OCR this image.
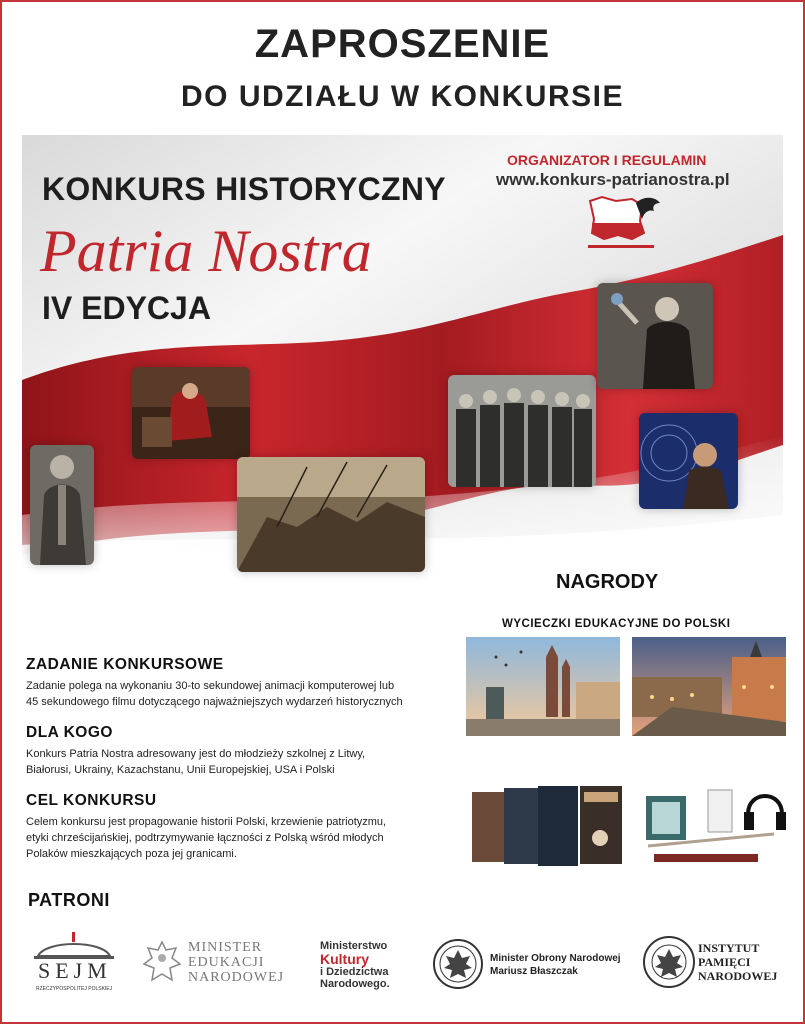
ZAPROSZENIE
DO UDZIAŁU W KONKURSIE
KONKURS HISTORYCZNY
Patria Nostra
IV EDYCJA
ORGANIZATOR I REGULAMIN
www.konkurs-patrianostra.pl
NAGRODY
WYCIECZKI EDUKACYJNE DO POLSKI
ZADANIE KONKURSOWE

Zadanie polega na wykonaniu 30-to sekundowej animacji komputerowej lub
45 sekundowego filmu dotyczącego najważniejszych wydarzeń historycznych

DLA KOGO

Konkurs Patria Nostra adresowany jest do młodzieży szkolnej z Litwy,
Białorusi, Ukrainy, Kazachstanu, Unii Europejskiej, USA i Polski

CEL KONKURSU

Celem konkursu jest propagowanie historii Polski, krzewienie patriotyzmu,
etyki chrześcijańskiej, podtrzymywanie łączności z Polską wśród młodych
Polaków mieszkających poza jej granicami.

PATRONI
SEJM
RZECZYPOSPOLITEJ POLSKIEJ
MINISTER
EDUKACJI
NARODOWEJ
Ministerstwo
Kultury
i Dziedzictwa
Narodowego.
Minister Obrony Narodowej
Mariusz Błaszczak
INSTYTUT
PAMIĘCI
NARODOWEJ
